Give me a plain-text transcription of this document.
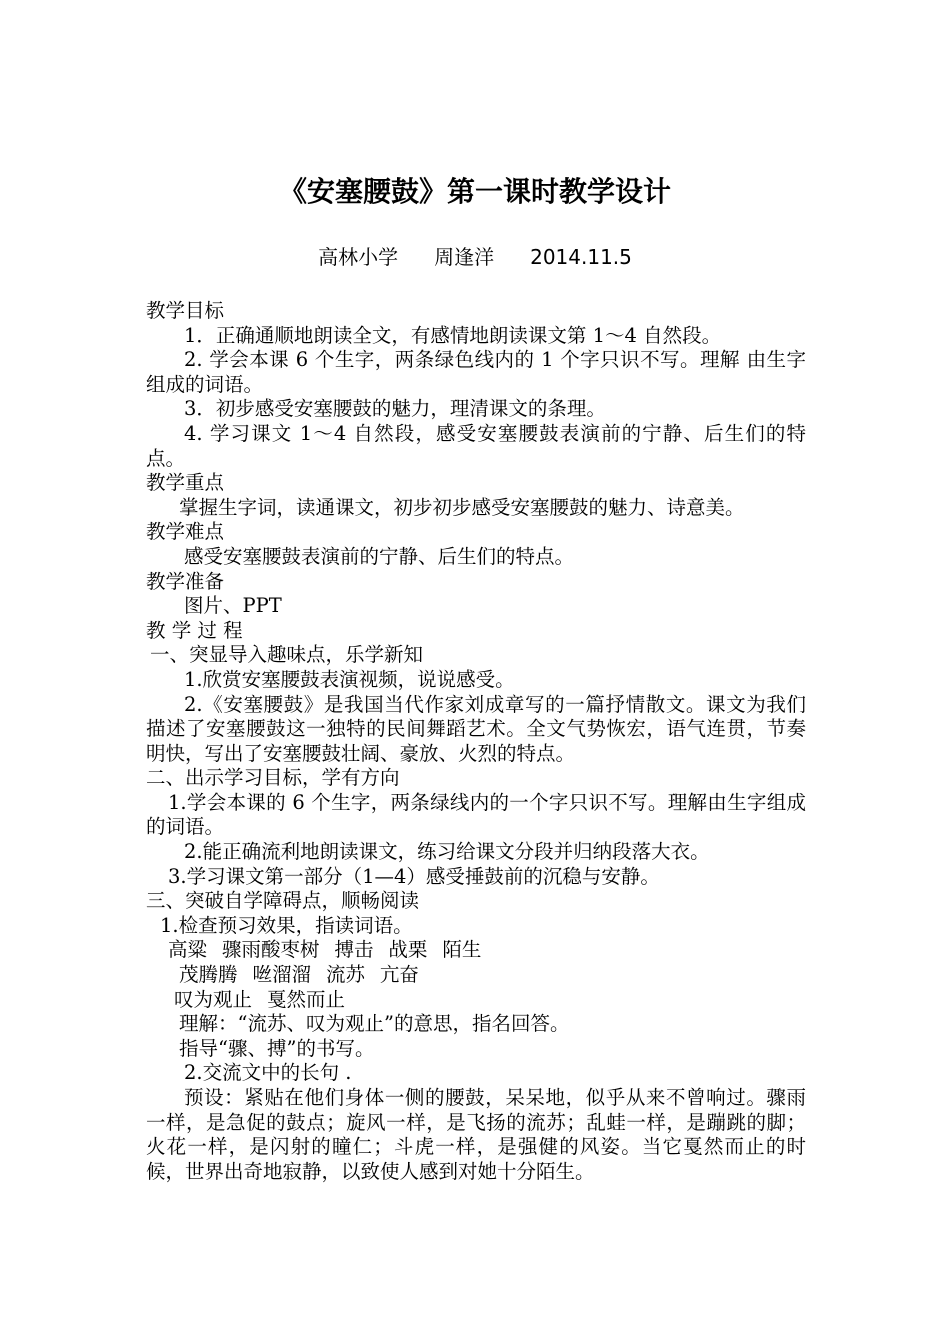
《安塞腰鼓》第一课时教学设计
高林小学 周逢洋 2014.11.5

教学目标

1．正确通顺地朗读全文，有感情地朗读课文第 1～4 自然段。

2. 学会本课 6 个生字，两条绿色线内的 1 个字只识不写。理解 由生字组成的词语。

3．初步感受安塞腰鼓的魅力，理清课文的条理。

4. 学习课文 1～4 自然段，感受安塞腰鼓表演前的宁静、后生们的特点。

教学重点

掌握生字词，读通课文，初步初步感受安塞腰鼓的魅力、诗意美。

教学难点

感受安塞腰鼓表演前的宁静、后生们的特点。

教学准备

图片、PPT

教 学 过 程

一、突显导入趣味点，乐学新知

1.欣赏安塞腰鼓表演视频，说说感受。

2.《安塞腰鼓》是我国当代作家刘成章写的一篇抒情散文。课文为我们描述了安塞腰鼓这一独特的民间舞蹈艺术。全文气势恢宏，语气连贯，节奏明快，写出了安塞腰鼓壮阔、豪放、火烈的特点。

二、出示学习目标，学有方向

1.学会本课的 6 个生字，两条绿线内的一个字只识不写。理解由生字组成的词语。

2.能正确流利地朗读课文，练习给课文分段并归纳段落大衣。

3.学习课文第一部分（1—4）感受捶鼓前的沉稳与安静。

三、突破自学障碍点，顺畅阅读

1.检查预习效果，指读词语。

高粱 骤雨酸枣树 搏击 战栗 陌生

茂腾腾 咝溜溜 流苏 亢奋

叹为观止 戛然而止

理解：“流苏、叹为观止”的意思，指名回答。

指导“骤、搏”的书写。

2.交流文中的长句 .

预设：紧贴在他们身体一侧的腰鼓，呆呆地，似乎从来不曾响过。骤雨一样，是急促的鼓点；旋风一样，是飞扬的流苏；乱蛙一样，是蹦跳的脚；火花一样，是闪射的瞳仁；斗虎一样，是强健的风姿。当它戛然而止的时候，世界出奇地寂静，以致使人感到对她十分陌生。
